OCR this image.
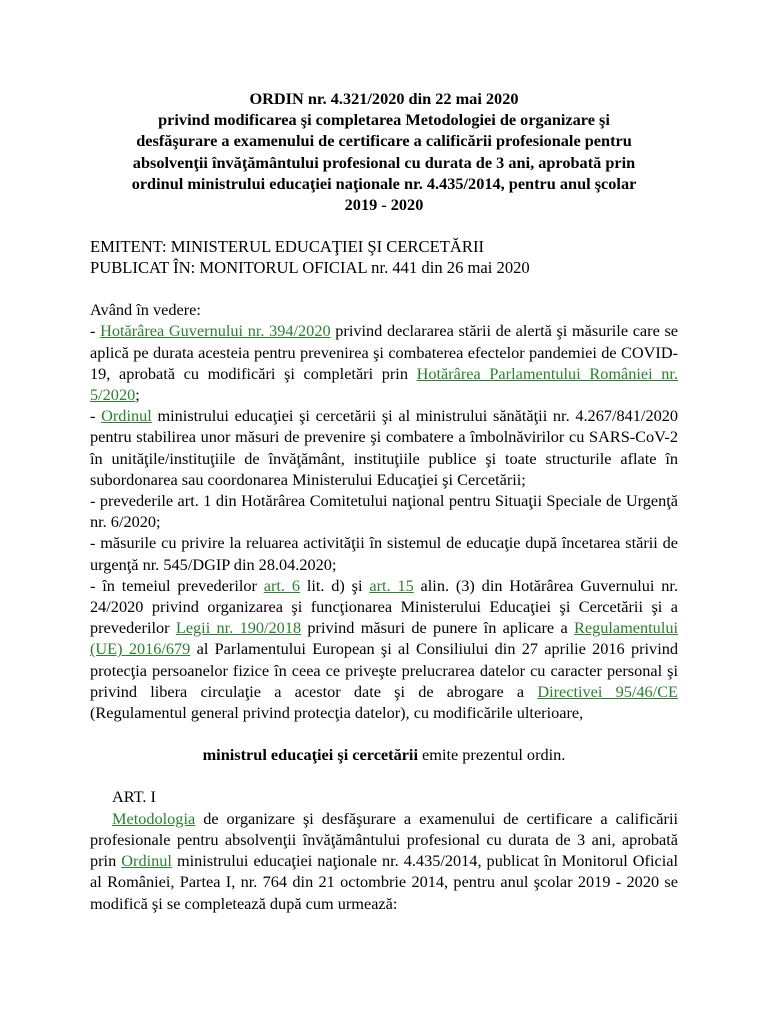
ORDIN nr. 4.321/2020 din 22 mai 2020
privind modificarea şi completarea Metodologiei de organizare şi
desfăşurare a examenului de certificare a calificării profesionale pentru
absolvenţii învăţământului profesional cu durata de 3 ani, aprobată prin
ordinul ministrului educaţiei naţionale nr. 4.435/2014, pentru anul şcolar
2019 - 2020
EMITENT: MINISTERUL EDUCAŢIEI ŞI CERCETĂRII
PUBLICAT ÎN: MONITORUL OFICIAL nr. 441 din 26 mai 2020
Având în vedere:

- Hotărârea Guvernului nr. 394/2020 privind declararea stării de alertă şi măsurile care se aplică pe durata acesteia pentru prevenirea şi combaterea efectelor pandemiei de COVID-19, aprobată cu modificări şi completări prin Hotărârea Parlamentului României nr. 5/2020;

- Ordinul ministrului educaţiei şi cercetării şi al ministrului sănătăţii nr. 4.267/841/2020 pentru stabilirea unor măsuri de prevenire şi combatere a îmbolnăvirilor cu SARS-CoV-2 în unităţile/instituţiile de învăţământ, instituţiile publice şi toate structurile aflate în subordonarea sau coordonarea Ministerului Educaţiei şi Cercetării;

- prevederile art. 1 din Hotărârea Comitetului naţional pentru Situaţii Speciale de Urgenţă nr. 6/2020;

- măsurile cu privire la reluarea activităţii în sistemul de educaţie după încetarea stării de urgenţă nr. 545/DGIP din 28.04.2020;

- în temeiul prevederilor art. 6 lit. d) şi art. 15 alin. (3) din Hotărârea Guvernului nr. 24/2020 privind organizarea şi funcţionarea Ministerului Educaţiei şi Cercetării şi a prevederilor Legii nr. 190/2018 privind măsuri de punere în aplicare a Regulamentului (UE) 2016/679 al Parlamentului European şi al Consiliului din 27 aprilie 2016 privind protecţia persoanelor fizice în ceea ce priveşte prelucrarea datelor cu caracter personal şi privind libera circulaţie a acestor date şi de abrogare a Directivei 95/46/CE (Regulamentul general privind protecţia datelor), cu modificările ulterioare,

ministrul educaţiei şi cercetării emite prezentul ordin.
ART. I

Metodologia de organizare şi desfăşurare a examenului de certificare a calificării profesionale pentru absolvenţii învăţământului profesional cu durata de 3 ani, aprobată prin Ordinul ministrului educaţiei naţionale nr. 4.435/2014, publicat în Monitorul Oficial al României, Partea I, nr. 764 din 21 octombrie 2014, pentru anul şcolar 2019 - 2020 se modifică şi se completează după cum urmează:
